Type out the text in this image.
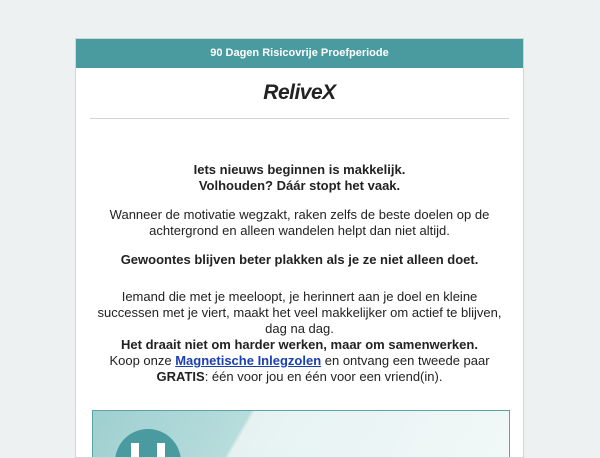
90 Dagen Risicovrije Proefperiode
ReliveX
Iets nieuws beginnen is makkelijk.
Volhouden? Dáár stopt het vaak.
Wanneer de motivatie wegzakt, raken zelfs de beste doelen op de achtergrond en alleen wandelen helpt dan niet altijd.
Gewoontes blijven beter plakken als je ze niet alleen doet.
Iemand die met je meeloopt, je herinnert aan je doel en kleine successen met je viert, maakt het veel makkelijker om actief te blijven, dag na dag.
Het draait niet om harder werken, maar om samenwerken.
Koop onze Magnetische Inlegzolen en ontvang een tweede paar GRATIS: één voor jou en één voor een vriend(in).
